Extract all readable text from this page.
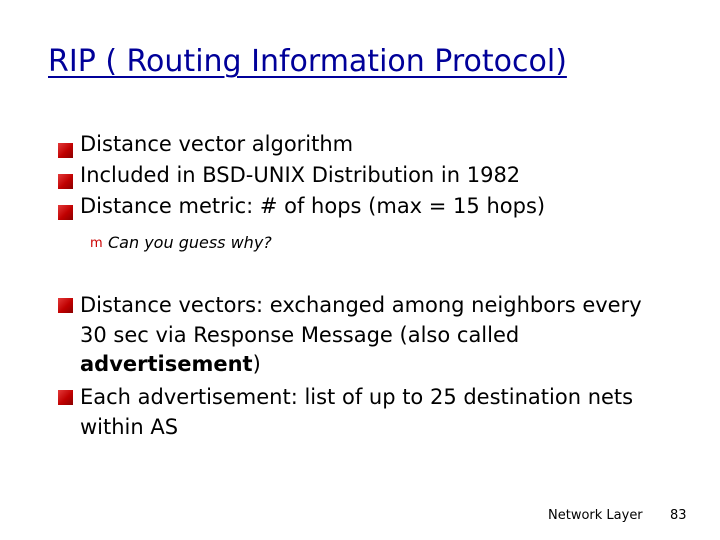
RIP ( Routing Information Protocol)
Distance vector algorithm
Included in BSD-UNIX Distribution in 1982
Distance metric: # of hops (max = 15 hops)
m Can you guess why?
Distance vectors: exchanged among neighbors every
30 sec via Response Message (also called
advertisement)
Each advertisement: list of up to 25 destination nets
within AS
Network Layer 83
